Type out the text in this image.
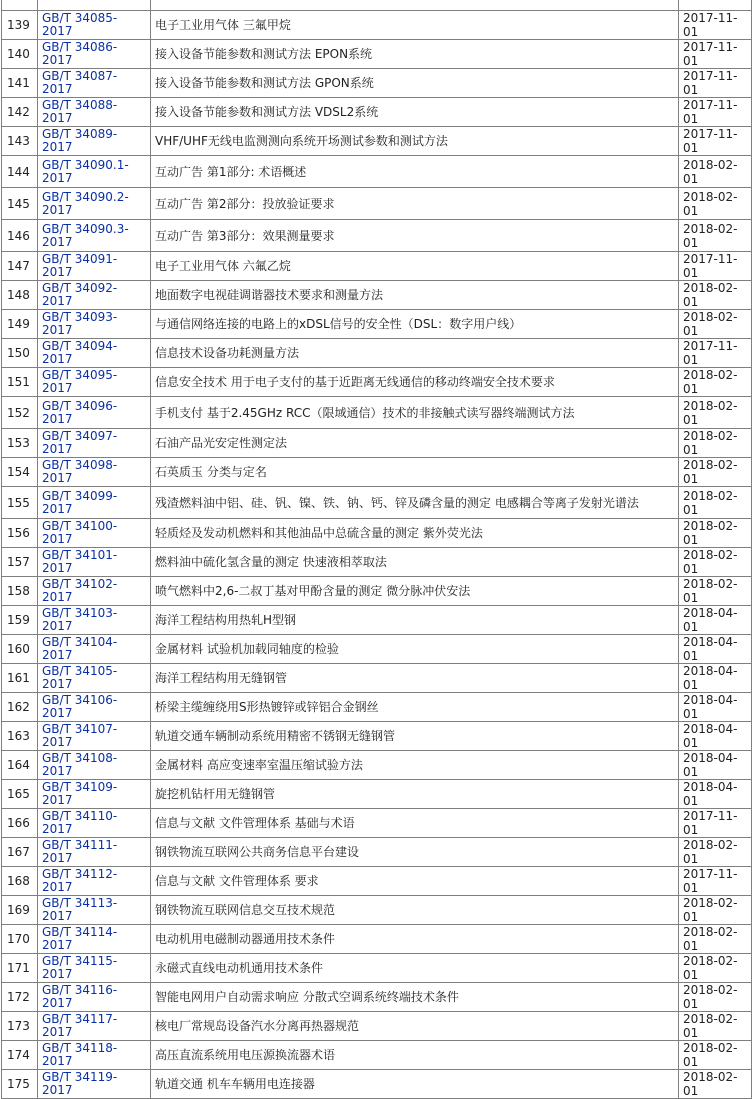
139	GB/T 34085-2017	电子工业用气体 三氟甲烷	2017-11-01
140	GB/T 34086-2017	接入设备节能参数和测试方法 EPON系统	2017-11-01
141	GB/T 34087-2017	接入设备节能参数和测试方法 GPON系统	2017-11-01
142	GB/T 34088-2017	接入设备节能参数和测试方法 VDSL2系统	2017-11-01
143	GB/T 34089-2017	VHF/UHF无线电监测测向系统开场测试参数和测试方法	2017-11-01
144	GB/T 34090.1-2017	互动广告 第1部分: 术语概述	2018-02-01
145	GB/T 34090.2-2017	互动广告 第2部分：投放验证要求	2018-02-01
146	GB/T 34090.3-2017	互动广告 第3部分：效果测量要求	2018-02-01
147	GB/T 34091-2017	电子工业用气体 六氟乙烷	2017-11-01
148	GB/T 34092-2017	地面数字电视硅调谐器技术要求和测量方法	2018-02-01
149	GB/T 34093-2017	与通信网络连接的电路上的xDSL信号的安全性（DSL：数字用户线）	2018-02-01
150	GB/T 34094-2017	信息技术设备功耗测量方法	2017-11-01
151	GB/T 34095-2017	信息安全技术 用于电子支付的基于近距离无线通信的移动终端安全技术要求	2018-02-01
152	GB/T 34096-2017	手机支付 基于2.45GHz RCC（限域通信）技术的非接触式读写器终端测试方法	2018-02-01
153	GB/T 34097-2017	石油产品光安定性测定法	2018-02-01
154	GB/T 34098-2017	石英质玉 分类与定名	2018-02-01
155	GB/T 34099-2017	残渣燃料油中铝、硅、钒、镍、铁、钠、钙、锌及磷含量的测定 电感耦合等离子发射光谱法	2018-02-01
156	GB/T 34100-2017	轻质烃及发动机燃料和其他油品中总硫含量的测定 紫外荧光法	2018-02-01
157	GB/T 34101-2017	燃料油中硫化氢含量的测定 快速液相萃取法	2018-02-01
158	GB/T 34102-2017	喷气燃料中2,6-二叔丁基对甲酚含量的测定 微分脉冲伏安法	2018-02-01
159	GB/T 34103-2017	海洋工程结构用热轧H型钢	2018-04-01
160	GB/T 34104-2017	金属材料 试验机加载同轴度的检验	2018-04-01
161	GB/T 34105-2017	海洋工程结构用无缝钢管	2018-04-01
162	GB/T 34106-2017	桥梁主缆缠绕用S形热镀锌或锌铝合金钢丝	2018-04-01
163	GB/T 34107-2017	轨道交通车辆制动系统用精密不锈钢无缝钢管	2018-04-01
164	GB/T 34108-2017	金属材料 高应变速率室温压缩试验方法	2018-04-01
165	GB/T 34109-2017	旋挖机钻杆用无缝钢管	2018-04-01
166	GB/T 34110-2017	信息与文献 文件管理体系 基础与术语	2017-11-01
167	GB/T 34111-2017	钢铁物流互联网公共商务信息平台建设	2018-02-01
168	GB/T 34112-2017	信息与文献 文件管理体系 要求	2017-11-01
169	GB/T 34113-2017	钢铁物流互联网信息交互技术规范	2018-02-01
170	GB/T 34114-2017	电动机用电磁制动器通用技术条件	2018-02-01
171	GB/T 34115-2017	永磁式直线电动机通用技术条件	2018-02-01
172	GB/T 34116-2017	智能电网用户自动需求响应 分散式空调系统终端技术条件	2018-02-01
173	GB/T 34117-2017	核电厂常规岛设备汽水分离再热器规范	2018-02-01
174	GB/T 34118-2017	高压直流系统用电压源换流器术语	2018-02-01
175	GB/T 34119-2017	轨道交通 机车车辆用电连接器	2018-02-01
